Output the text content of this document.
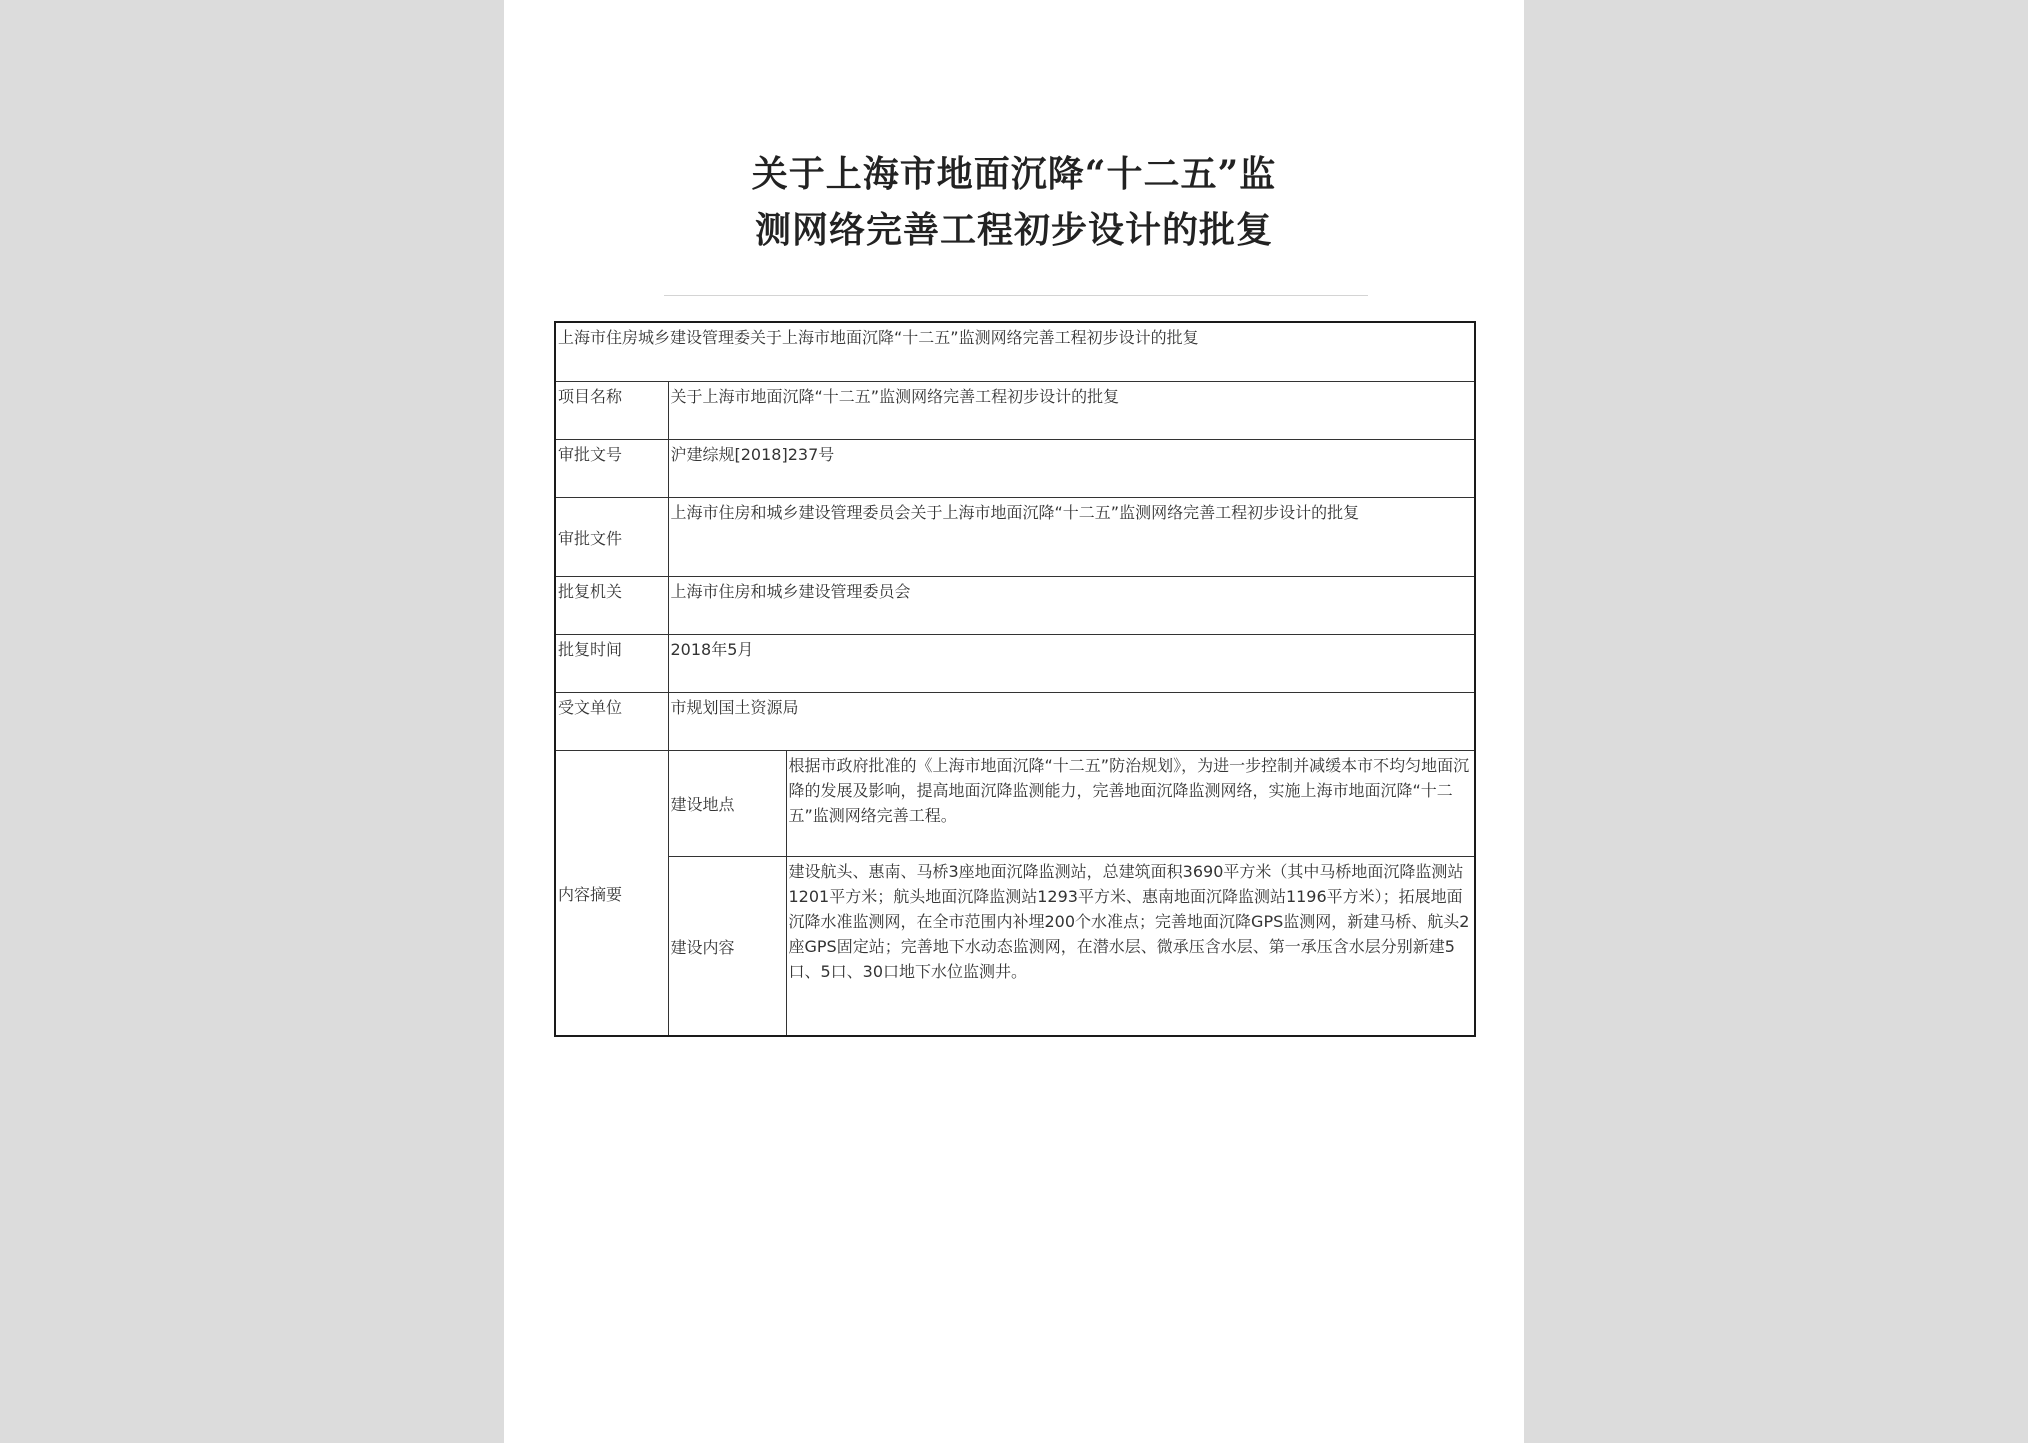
关于上海市地面沉降“十二五”监
测网络完善工程初步设计的批复
上海市住房城乡建设管理委关于上海市地面沉降“十二五”监测网络完善工程初步设计的批复		
项目名称	关于上海市地面沉降“十二五”监测网络完善工程初步设计的批复	
审批文号	沪建综规[2018]237号	
审批文件	上海市住房和城乡建设管理委员会关于上海市地面沉降“十二五”监测网络完善工程初步设计的批复	
批复机关	上海市住房和城乡建设管理委员会	
批复时间	2018年5月	
受文单位	市规划国土资源局	
内容摘要	建设地点	根据市政府批准的《上海市地面沉降“十二五”防治规划》，为进一步控制并减缓本市不均匀地面沉降的发展及影响，提高地面沉降监测能力，完善地面沉降监测网络，实施上海市地面沉降“十二五”监测网络完善工程。
	建设内容	建设航头、惠南、马桥3座地面沉降监测站，总建筑面积3690平方米（其中马桥地面沉降监测站1201平方米；航头地面沉降监测站1293平方米、惠南地面沉降监测站1196平方米）；拓展地面沉降水准监测网，在全市范围内补埋200个水准点；完善地面沉降GPS监测网，新建马桥、航头2座GPS固定站；完善地下水动态监测网，在潜水层、微承压含水层、第一承压含水层分别新建5口、5口、30口地下水位监测井。
